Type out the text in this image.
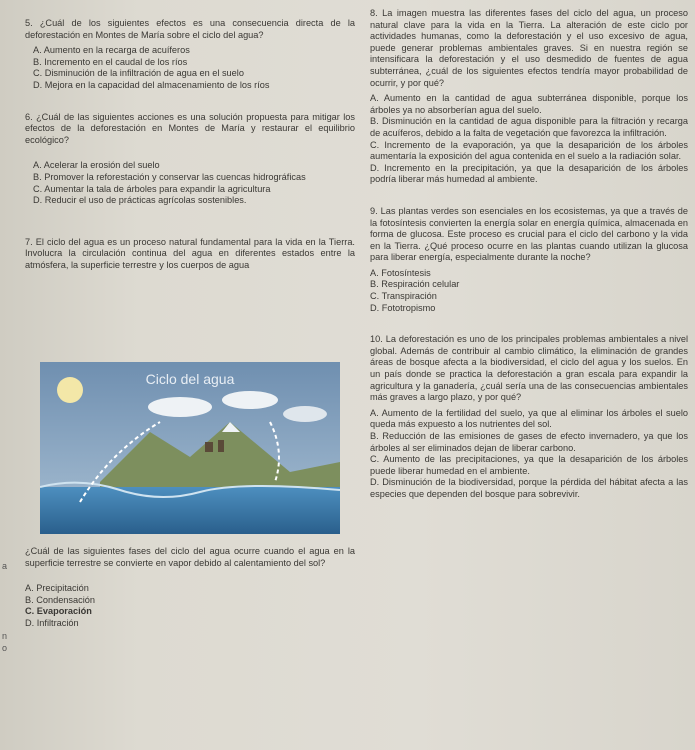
5. ¿Cuál de los siguientes efectos es una consecuencia directa de la deforestación en Montes de María sobre el ciclo del agua?

A. Aumento en la recarga de acuíferos
B. Incremento en el caudal de los ríos
C. Disminución de la infiltración de agua en el suelo
D. Mejora en la capacidad del almacenamiento de los ríos

6. ¿Cuál de las siguientes acciones es una solución propuesta para mitigar los efectos de la deforestación en Montes de María y restaurar el equilibrio ecológico?

A. Acelerar la erosión del suelo
B. Promover la reforestación y conservar las cuencas hidrográficas
C. Aumentar la tala de árboles para expandir la agricultura
D. Reducir el uso de prácticas agrícolas sostenibles.

7. El ciclo del agua es un proceso natural fundamental para la vida en la Tierra. Involucra la circulación continua del agua en diferentes estados entre la atmósfera, la superficie terrestre y los cuerpos de agua

Ciclo del agua

¿Cuál de las siguientes fases del ciclo del agua ocurre cuando el agua en la superficie terrestre se convierte en vapor debido al calentamiento del sol?

A. Precipitación
B. Condensación
C. Evaporación
D. Infiltración
a
n
o

8. La imagen muestra las diferentes fases del ciclo del agua, un proceso natural clave para la vida en la Tierra. La alteración de este ciclo por actividades humanas, como la deforestación y el uso excesivo de agua, puede generar problemas ambientales graves. Si en nuestra región se intensificara la deforestación y el uso desmedido de fuentes de agua subterránea, ¿cuál de los siguientes efectos tendría mayor probabilidad de ocurrir, y por qué?

A. Aumento en la cantidad de agua subterránea disponible, porque los árboles ya no absorberían agua del suelo.
B. Disminución en la cantidad de agua disponible para la filtración y recarga de acuíferos, debido a la falta de vegetación que favorezca la infiltración.
C. Incremento de la evaporación, ya que la desaparición de los árboles aumentaría la exposición del agua contenida en el suelo a la radiación solar.
D. Incremento en la precipitación, ya que la desaparición de los árboles podría liberar más humedad al ambiente.

9. Las plantas verdes son esenciales en los ecosistemas, ya que a través de la fotosíntesis convierten la energía solar en energía química, almacenada en forma de glucosa. Este proceso es crucial para el ciclo del carbono y la vida en la Tierra. ¿Qué proceso ocurre en las plantas cuando utilizan la glucosa para liberar energía, especialmente durante la noche?

A. Fotosíntesis
B. Respiración celular
C. Transpiración
D. Fototropismo

10. La deforestación es uno de los principales problemas ambientales a nivel global. Además de contribuir al cambio climático, la eliminación de grandes áreas de bosque afecta a la biodiversidad, el ciclo del agua y los suelos. En un país donde se practica la deforestación a gran escala para expandir la agricultura y la ganadería, ¿cuál sería una de las consecuencias ambientales más graves a largo plazo, y por qué?

A. Aumento de la fertilidad del suelo, ya que al eliminar los árboles el suelo queda más expuesto a los nutrientes del sol.
B. Reducción de las emisiones de gases de efecto invernadero, ya que los árboles al ser eliminados dejan de liberar carbono.
C. Aumento de las precipitaciones, ya que la desaparición de los árboles puede liberar humedad en el ambiente.
D. Disminución de la biodiversidad, porque la pérdida del hábitat afecta a las especies que dependen del bosque para sobrevivir.
